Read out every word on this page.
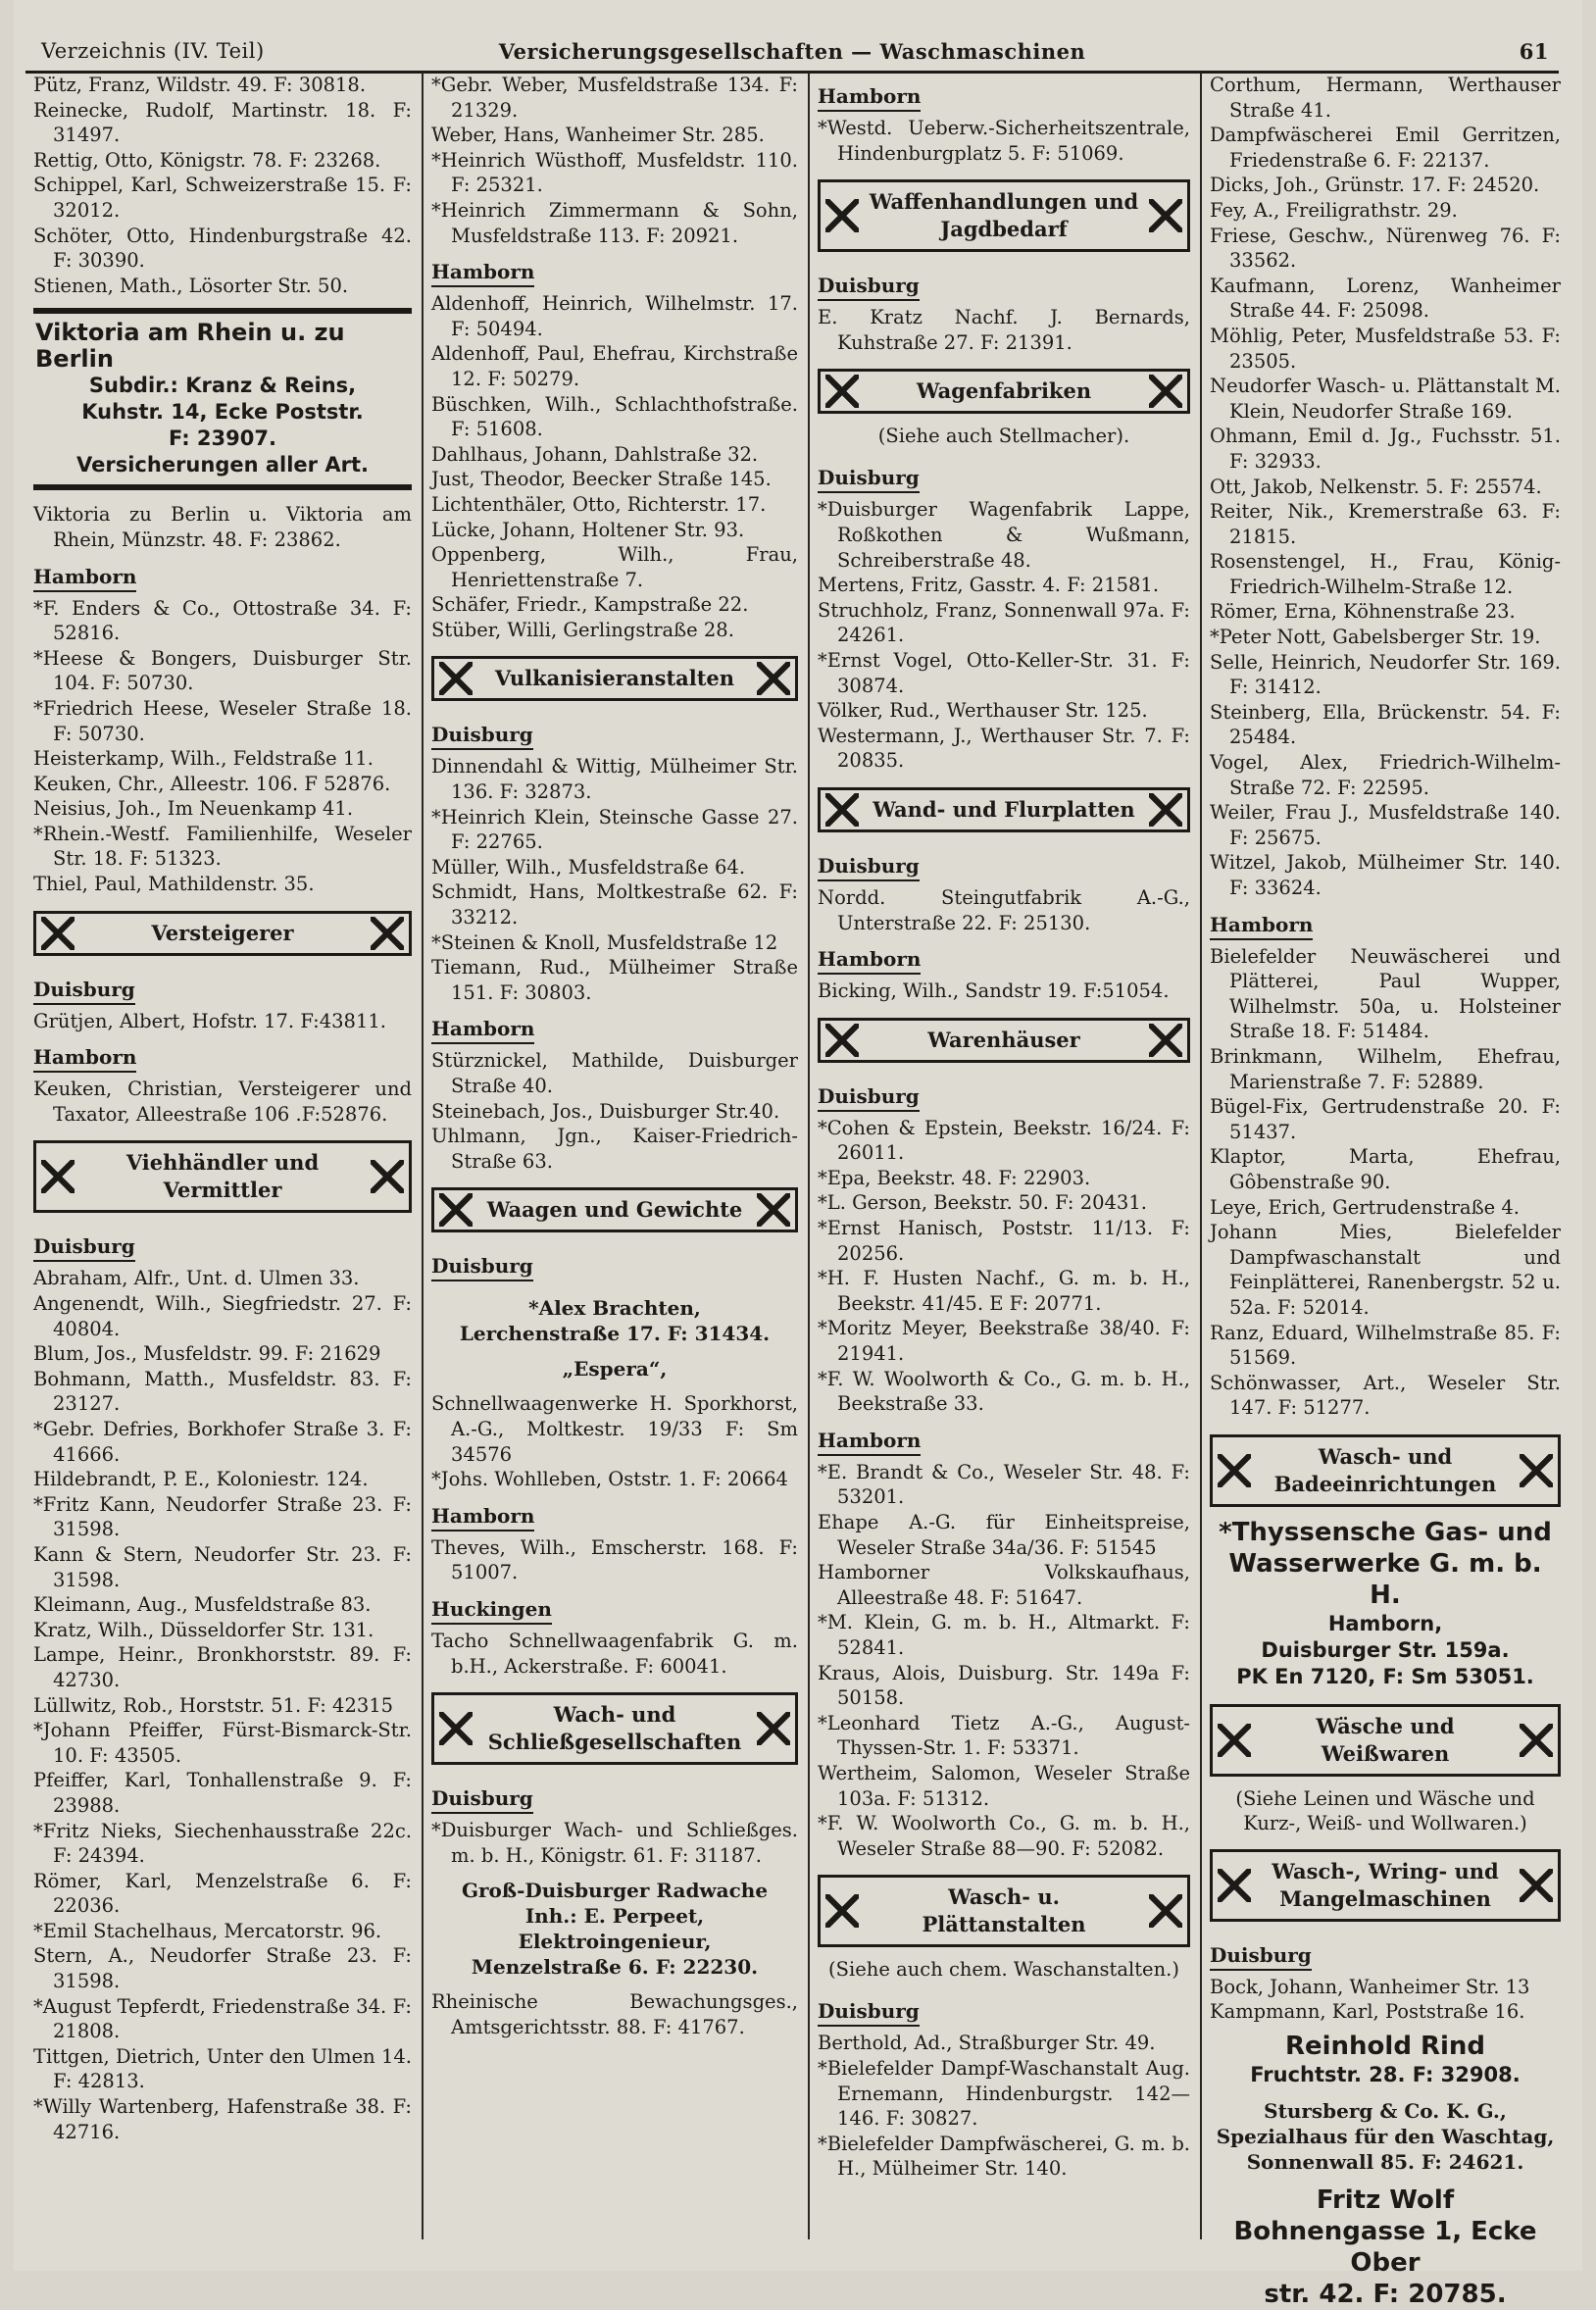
Verzeichnis (IV. Teil)	Versicherungsgesellschaften — Waschmaschinen	61

Pütz, Franz, Wildstr. 49. F: 30818.

Reinecke, Rudolf, Martinstr. 18. F: 31497.

Rettig, Otto, Königstr. 78. F: 23268.

Schippel, Karl, Schweizerstraße 15. F: 32012.

Schöter, Otto, Hindenburgstraße 42. F: 30390.

Stienen, Math., Lösorter Str. 50.

Viktoria am Rhein u. zu Berlin
Subdir.: Kranz & Reins,
Kuhstr. 14, Ecke Poststr.
F: 23907.
Versicherungen aller Art.

Viktoria zu Berlin u. Viktoria am Rhein, Münzstr. 48. F: 23862.

Hamborn

*F. Enders & Co., Ottostraße 34. F: 52816.

*Heese & Bongers, Duisburger Str. 104. F: 50730.

*Friedrich Heese, Weseler Straße 18. F: 50730.

Heisterkamp, Wilh., Feldstraße 11.

Keuken, Chr., Alleestr. 106. F 52876.

Neisius, Joh., Im Neuenkamp 41.

*Rhein.-Westf. Familienhilfe, Weseler Str. 18. F: 51323.

Thiel, Paul, Mathildenstr. 35.

Versteigerer
Duisburg

Grütjen, Albert, Hofstr. 17. F:43811.

Hamborn

Keuken, Christian, Versteigerer und Taxator, Alleestraße 106 .F:52876.

Viehhändler und Vermittler
Duisburg

Abraham, Alfr., Unt. d. Ulmen 33.

Angenendt, Wilh., Siegfriedstr. 27. F: 40804.

Blum, Jos., Musfeldstr. 99. F: 21629

Bohmann, Matth., Musfeldstr. 83. F: 23127.

*Gebr. Defries, Borkhofer Straße 3. F: 41666.

Hildebrandt, P. E., Koloniestr. 124.

*Fritz Kann, Neudorfer Straße 23. F: 31598.

Kann & Stern, Neudorfer Str. 23. F: 31598.

Kleimann, Aug., Musfeldstraße 83.

Kratz, Wilh., Düsseldorfer Str. 131.

Lampe, Heinr., Bronkhorststr. 89. F: 42730.

Lüllwitz, Rob., Horststr. 51. F: 42315

*Johann Pfeiffer, Fürst-Bismarck-Str. 10. F: 43505.

Pfeiffer, Karl, Tonhallenstraße 9. F: 23988.

*Fritz Nieks, Siechenhausstraße 22c. F: 24394.

Römer, Karl, Menzelstraße 6. F: 22036.

*Emil Stachelhaus, Mercatorstr. 96.

Stern, A., Neudorfer Straße 23. F: 31598.

*August Tepferdt, Friedenstraße 34. F: 21808.

Tittgen, Dietrich, Unter den Ulmen 14. F: 42813.

*Willy Wartenberg, Hafenstraße 38. F: 42716.

*Gebr. Weber, Musfeldstraße 134. F: 21329.

Weber, Hans, Wanheimer Str. 285.

*Heinrich Wüsthoff, Musfeldstr. 110. F: 25321.

*Heinrich Zimmermann & Sohn, Musfeldstraße 113. F: 20921.

Hamborn

Aldenhoff, Heinrich, Wilhelmstr. 17. F: 50494.

Aldenhoff, Paul, Ehefrau, Kirchstraße 12. F: 50279.

Büschken, Wilh., Schlachthofstraße. F: 51608.

Dahlhaus, Johann, Dahlstraße 32.

Just, Theodor, Beecker Straße 145.

Lichtenthäler, Otto, Richterstr. 17.

Lücke, Johann, Holtener Str. 93.

Oppenberg, Wilh., Frau, Henriettenstraße 7.

Schäfer, Friedr., Kampstraße 22.

Stüber, Willi, Gerlingstraße 28.

Vulkanisieranstalten
Duisburg

Dinnendahl & Wittig, Mülheimer Str. 136. F: 32873.

*Heinrich Klein, Steinsche Gasse 27. F: 22765.

Müller, Wilh., Musfeldstraße 64.

Schmidt, Hans, Moltkestraße 62. F: 33212.

*Steinen & Knoll, Musfeldstraße 12

Tiemann, Rud., Mülheimer Straße 151. F: 30803.

Hamborn

Stürznickel, Mathilde, Duisburger Straße 40.

Steinebach, Jos., Duisburger Str.40.

Uhlmann, Jgn., Kaiser-Friedrich-Straße 63.

Waagen und Gewichte
Duisburg
*Alex Brachten,
Lerchenstraße 17. F: 31434.
„Espera“,

Schnellwaagenwerke H. Sporkhorst, A.-G., Moltkestr. 19/33 F: Sm 34576

*Johs. Wohlleben, Oststr. 1. F: 20664

Hamborn

Theves, Wilh., Emscherstr. 168. F: 51007.

Huckingen

Tacho Schnellwaagenfabrik G. m. b.H., Ackerstraße. F: 60041.

Wach- und Schließgesellschaften
Duisburg

*Duisburger Wach- und Schließges. m. b. H., Königstr. 61. F: 31187.

Groß-Duisburger Radwache
Inh.: E. Perpeet,
Elektroingenieur,
Menzelstraße 6. F: 22230.

Rheinische Bewachungsges., Amtsgerichtsstr. 88. F: 41767.

Hamborn

*Westd. Ueberw.-Sicherheitszentrale, Hindenburgplatz 5. F: 51069.

Waffenhandlungen und Jagdbedarf
Duisburg

E. Kratz Nachf. J. Bernards, Kuhstraße 27. F: 21391.

Wagenfabriken
(Siehe auch Stellmacher).
Duisburg

*Duisburger Wagenfabrik Lappe, Roßkothen & Wußmann, Schreiberstraße 48.

Mertens, Fritz, Gasstr. 4. F: 21581.

Struchholz, Franz, Sonnenwall 97a. F: 24261.

*Ernst Vogel, Otto-Keller-Str. 31. F: 30874.

Völker, Rud., Werthauser Str. 125.

Westermann, J., Werthauser Str. 7. F: 20835.

Wand- und Flurplatten
Duisburg

Nordd. Steingutfabrik A.-G., Unterstraße 22. F: 25130.

Hamborn

Bicking, Wilh., Sandstr 19. F:51054.

Warenhäuser
Duisburg

*Cohen & Epstein, Beekstr. 16/24. F: 26011.

*Epa, Beekstr. 48. F: 22903.

*L. Gerson, Beekstr. 50. F: 20431.

*Ernst Hanisch, Poststr. 11/13. F: 20256.

*H. F. Husten Nachf., G. m. b. H., Beekstr. 41/45. E F: 20771.

*Moritz Meyer, Beekstraße 38/40. F: 21941.

*F. W. Woolworth & Co., G. m. b. H., Beekstraße 33.

Hamborn

*E. Brandt & Co., Weseler Str. 48. F: 53201.

Ehape A.-G. für Einheitspreise, Weseler Straße 34a/36. F: 51545

Hamborner Volkskaufhaus, Alleestraße 48. F: 51647.

*M. Klein, G. m. b. H., Altmarkt. F: 52841.

Kraus, Alois, Duisburg. Str. 149a F: 50158.

*Leonhard Tietz A.-G., August-Thyssen-Str. 1. F: 53371.

Wertheim, Salomon, Weseler Straße 103a. F: 51312.

*F. W. Woolworth Co., G. m. b. H., Weseler Straße 88—90. F: 52082.

Wasch- u. Plättanstalten
(Siehe auch chem. Waschanstalten.)
Duisburg

Berthold, Ad., Straßburger Str. 49.

*Bielefelder Dampf-Waschanstalt Aug. Ernemann, Hindenburgstr. 142—146. F: 30827.

*Bielefelder Dampfwäscherei, G. m. b. H., Mülheimer Str. 140.

Corthum, Hermann, Werthauser Straße 41.

Dampfwäscherei Emil Gerritzen, Friedenstraße 6. F: 22137.

Dicks, Joh., Grünstr. 17. F: 24520.

Fey, A., Freiligrathstr. 29.

Friese, Geschw., Nürenweg 76. F: 33562.

Kaufmann, Lorenz, Wanheimer Straße 44. F: 25098.

Möhlig, Peter, Musfeldstraße 53. F: 23505.

Neudorfer Wasch- u. Plättanstalt M. Klein, Neudorfer Straße 169.

Ohmann, Emil d. Jg., Fuchsstr. 51. F: 32933.

Ott, Jakob, Nelkenstr. 5. F: 25574.

Reiter, Nik., Kremerstraße 63. F: 21815.

Rosenstengel, H., Frau, König-Friedrich-Wilhelm-Straße 12.

Römer, Erna, Köhnenstraße 23.

*Peter Nott, Gabelsberger Str. 19.

Selle, Heinrich, Neudorfer Str. 169. F: 31412.

Steinberg, Ella, Brückenstr. 54. F: 25484.

Vogel, Alex, Friedrich-Wilhelm-Straße 72. F: 22595.

Weiler, Frau J., Musfeldstraße 140. F: 25675.

Witzel, Jakob, Mülheimer Str. 140. F: 33624.

Hamborn

Bielefelder Neuwäscherei und Plätterei, Paul Wupper, Wilhelmstr. 50a, u. Holsteiner Straße 18. F: 51484.

Brinkmann, Wilhelm, Ehefrau, Marienstraße 7. F: 52889.

Bügel-Fix, Gertrudenstraße 20. F: 51437.

Klaptor, Marta, Ehefrau, Gôbenstraße 90.

Leye, Erich, Gertrudenstraße 4.

Johann Mies, Bielefelder Dampfwaschanstalt und Feinplätterei, Ranenbergstr. 52 u. 52a. F: 52014.

Ranz, Eduard, Wilhelmstraße 85. F: 51569.

Schönwasser, Art., Weseler Str. 147. F: 51277.

Wasch- und Badeeinrichtungen
*Thyssensche Gas- und
Wasserwerke G. m. b. H.
Hamborn,
Duisburger Str. 159a.
PK En 7120, F: Sm 53051.
Wäsche und Weißwaren
(Siehe Leinen und Wäsche und Kurz-, Weiß- und Wollwaren.)
Wasch-, Wring- und Mangelmaschinen
Duisburg

Bock, Johann, Wanheimer Str. 13

Kampmann, Karl, Poststraße 16.

Reinhold Rind
Fruchtstr. 28. F: 32908.
Stursberg & Co. K. G.,
Spezialhaus für den Waschtag,
Sonnenwall 85. F: 24621.
Fritz Wolf
Bohnengasse 1, Ecke Ober
str. 42. F: 20785.
